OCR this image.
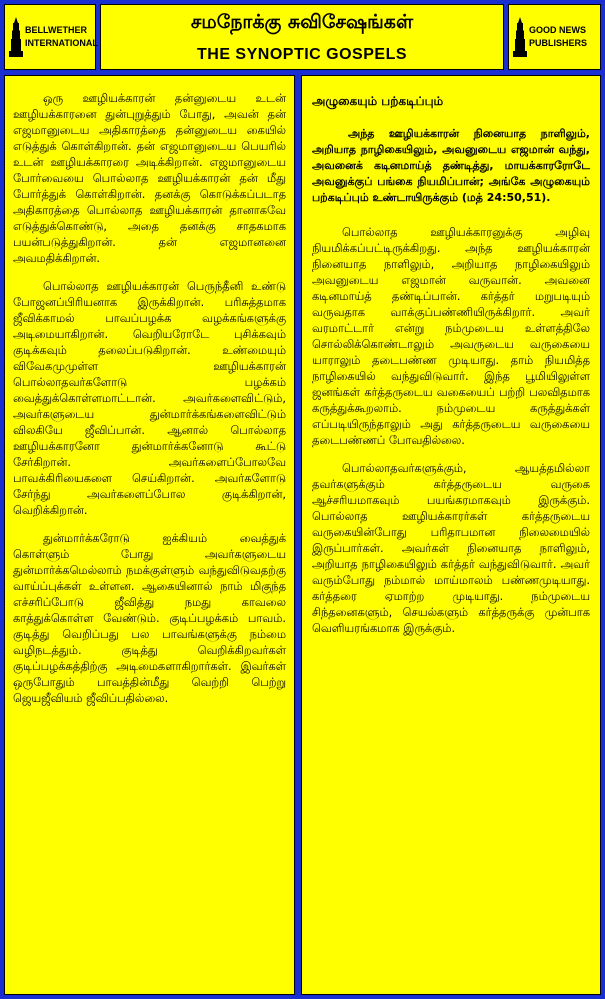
BELLWETHER
INTERNATIONAL
சமநோக்கு சுவிசேஷங்கள்
THE SYNOPTIC GOSPELS
GOOD NEWS
PUBLISHERS

ஒரு ஊழியக்காரன் தன்னுடைய உடன் ஊழியக்காரனை துன்புறுத்தும் போது, அவன் தன் எஜமானுடைய அதிகாரத்தை தன்னுடைய கையில் எடுத்துக் கொள்கிறான். தன் எஜமானுடைய பெயரில் உடன் ஊழியக்காரரை அடிக்கிறான். எஜமானுடைய போர்வையை பொல்லாத ஊழியக்காரன் தன் மீது போர்த்துக் கொள்கிறான். தனக்கு கொடுக்கப்படாத அதிகாரத்தை பொல்லாத ஊழியக்காரன் தானாகவே எடுத்துக்கொண்டு, அதை தனக்கு சாதகமாக பயன்படுத்துகிறான். தன் எஜமானனை அவமதிக்கிறான்.

பொல்லாத ஊழியக்காரன் பெருந்தீனி உண்டு போஜனப்பிரியனாக இருக்கிறான். பரிசுத்தமாக ஜீவிக்காமல் பாவப்பழக்க வழக்கங்களுக்கு அடிமையாகிறான். வெறியரோடே புசிக்கவும் குடிக்கவும் தலைப்படுகிறான். உண்மையும் விவேகமுமுள்ள ஊழியக்காரன் பொல்லாதவர்களோடு பழக்கம் வைத்துக்கொள்ளமாட்டான். அவர்களைவிட்டும், அவர்களுடைய துன்மார்க்கங்களைவிட்டும் விலகியே ஜீவிப்பான். ஆனால் பொல்லாத ஊழியக்காரனோ துன்மார்க்கனோடு கூட்டு சேர்கிறான். அவர்களைப்போலவே பாவக்கிரியைகளை செய்கிறான். அவர்களோடு சேர்ந்து அவர்களைப்போல குடிக்கிறான், வெறிக்கிறான்.

துன்மார்க்கரோடு ஐக்கியம் வைத்துக் கொள்ளும் போது அவர்களுடைய துன்மார்க்கமெல்லாம் நமக்குள்ளும் வந்துவிடுவதற்கு வாய்ப்புக்கள் உள்ளன. ஆகையினால் நாம் மிகுந்த எச்சரிப்போடு ஜீவித்து நமது காவலை காத்துக்கொள்ள வேண்டும். குடிப்பழக்கம் பாவம். குடித்து வெறிப்பது பல பாவங்களுக்கு நம்மை வழிநடத்தும். குடித்து வெறிக்கிறவர்கள் குடிப்பழக்கத்திற்கு அடிமைகளாகிறார்கள். இவர்கள் ஒருபோதும் பாவத்தின்மீது வெற்றி பெற்று ஜெயஜீவியம் ஜீவிப்பதில்லை.

அழுகையும் பற்கடிப்பும்
அந்த ஊழியக்காரன் நினையாத நாளிலும், அறியாத நாழிகையிலும், அவனுடைய எஜமான் வந்து, அவனைக் கடினமாய்த் தண்டித்து, மாயக்காரரோடே அவனுக்குப் பங்கை நியமிப்பான்; அங்கே அழுகையும் பற்கடிப்பும் உண்டாயிருக்கும் (மத் 24:50,51).

பொல்லாத ஊழியக்காரனுக்கு அழிவு நியமிக்கப்பட்டிருக்கிறது. அந்த ஊழியக்காரன் நினையாத நாளிலும், அறியாத நாழிகையிலும் அவனுடைய எஜமான் வருவான். அவனை கடினமாய்த் தண்டிப்பான். கர்த்தர் மறுபடியும் வருவதாக வாக்குப்பண்ணியிருக்கிறார். அவர் வரமாட்டார் என்று நம்முடைய உள்ளத்திலே சொல்லிக்கொண்டாலும் அவருடைய வருகையை யாராலும் தடைபண்ண முடியாது. தாம் நியமித்த நாழிகையில் வந்துவிடுவார். இந்த பூமியிலுள்ள ஜனங்கள் கர்த்தருடைய வகையைப் பற்றி பலவிதமாக கருத்துக்கூறலாம். நம்முடைய கருத்துக்கள் எப்படியிருந்தாலும் அது கர்த்தருடைய வருகையை தடைபண்ணப் போவதில்லை.

பொல்லாதவர்களுக்கும், ஆயத்தமில்லா தவர்களுக்கும் கர்த்தருடைய வருகை ஆச்சரியமாகவும் பயங்கரமாகவும் இருக்கும். பொல்லாத ஊழியக்காரர்கள் கர்த்தருடைய வருகையின்போது பரிதாபமான நிலைமையில் இருப்பார்கள். அவர்கள் நினையாத நாளிலும், அறியாத நாழிகையிலும் கர்த்தர் வந்துவிடுவார். அவர் வரும்போது நம்மால் மாய்மாலம் பண்ணமுடியாது. கர்த்தரை ஏமாற்ற முடியாது. நம்முடைய சிந்தனைகளும், செயல்களும் கர்த்தருக்கு முன்பாக வெளியரங்கமாக இருக்கும்.
